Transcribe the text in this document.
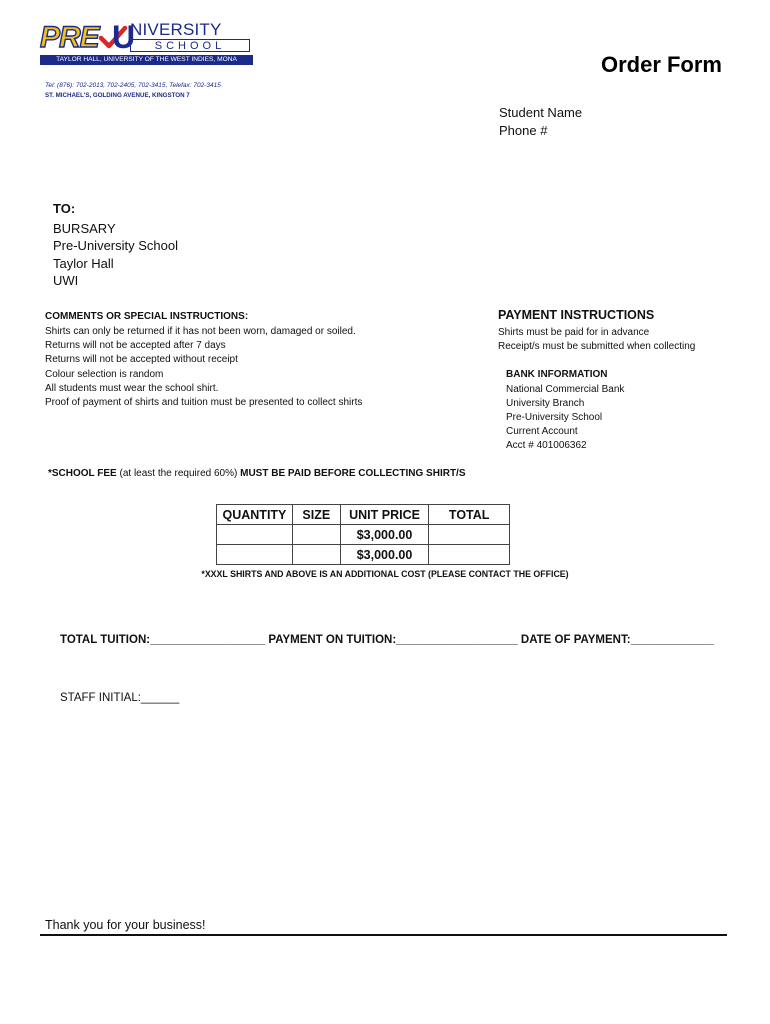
PRE U
NIVERSITY
SCHOOL
TAYLOR HALL, UNIVERSITY OF THE WEST INDIES, MONA
Tel: (876): 702-2013, 702-2405, 702-3415, Telefax: 702-3415
ST. MICHAEL'S, GOLDING AVENUE, KINGSTON 7
Order Form
Student Name
Phone #
TO:
BURSARY
Pre-University School
Taylor Hall
UWI
COMMENTS OR SPECIAL INSTRUCTIONS:
Shirts can only be returned if it has not been worn, damaged or soiled.
Returns will not be accepted after 7 days
Returns will not be accepted without receipt
Colour selection is random
All students must wear the school shirt.
Proof of payment of shirts and tuition must be presented to collect shirts
PAYMENT INSTRUCTIONS
Shirts must be paid for in advance
Receipt/s must be submitted when collecting
BANK INFORMATION
National Commercial Bank
University Branch
Pre-University School
Current Account
Acct # 401006362
*SCHOOL FEE (at least the required 60%) MUST BE PAID BEFORE COLLECTING SHIRT/S
QUANTITY	SIZE	UNIT PRICE	TOTAL
		$3,000.00	
		$3,000.00	
*XXXL SHIRTS AND ABOVE IS AN ADDITIONAL COST (PLEASE CONTACT THE OFFICE)
TOTAL TUITION:__________________ PAYMENT ON TUITION:___________________ DATE OF PAYMENT:_____________
STAFF INITIAL:______
Thank you for your business!
